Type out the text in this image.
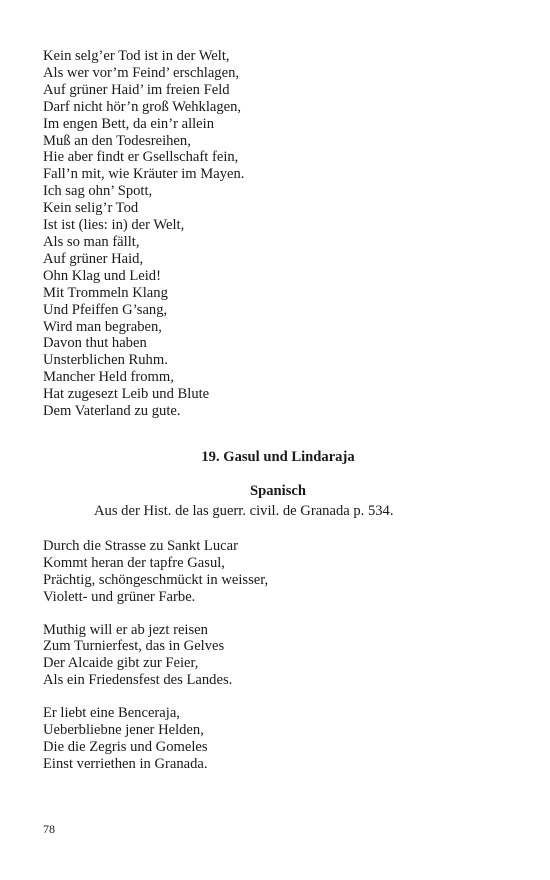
Kein selg’er Tod ist in der Welt,
Als wer vor’m Feind’ erschlagen,
Auf grüner Haid’ im freien Feld
Darf nicht hör’n groß Wehklagen,
Im engen Bett, da ein’r allein
Muß an den Todesreihen,
Hie aber findt er Gsellschaft fein,
Fall’n mit, wie Kräuter im Mayen.
Ich sag ohn’ Spott,
Kein selig’r Tod
Ist ist (lies: in) der Welt,
Als so man fällt,
Auf grüner Haid,
Ohn Klag und Leid!
Mit Trommeln Klang
Und Pfeiffen G’sang,
Wird man begraben,
Davon thut haben
Unsterblichen Ruhm.
Mancher Held fromm,
Hat zugesezt Leib und Blute
Dem Vaterland zu gute.
19. Gasul und Lindaraja
Spanisch
Aus der Hist. de las guerr. civil. de Granada p. 534.
Durch die Strasse zu Sankt Lucar
Kommt heran der tapfre Gasul,
Prächtig, schöngeschmückt in weisser,
Violett- und grüner Farbe.
Muthig will er ab jezt reisen
Zum Turnierfest, das in Gelves
Der Alcaide gibt zur Feier,
Als ein Friedensfest des Landes.
Er liebt eine Benceraja,
Ueberbliebne jener Helden,
Die die Zegris und Gomeles
Einst verriethen in Granada.
78
